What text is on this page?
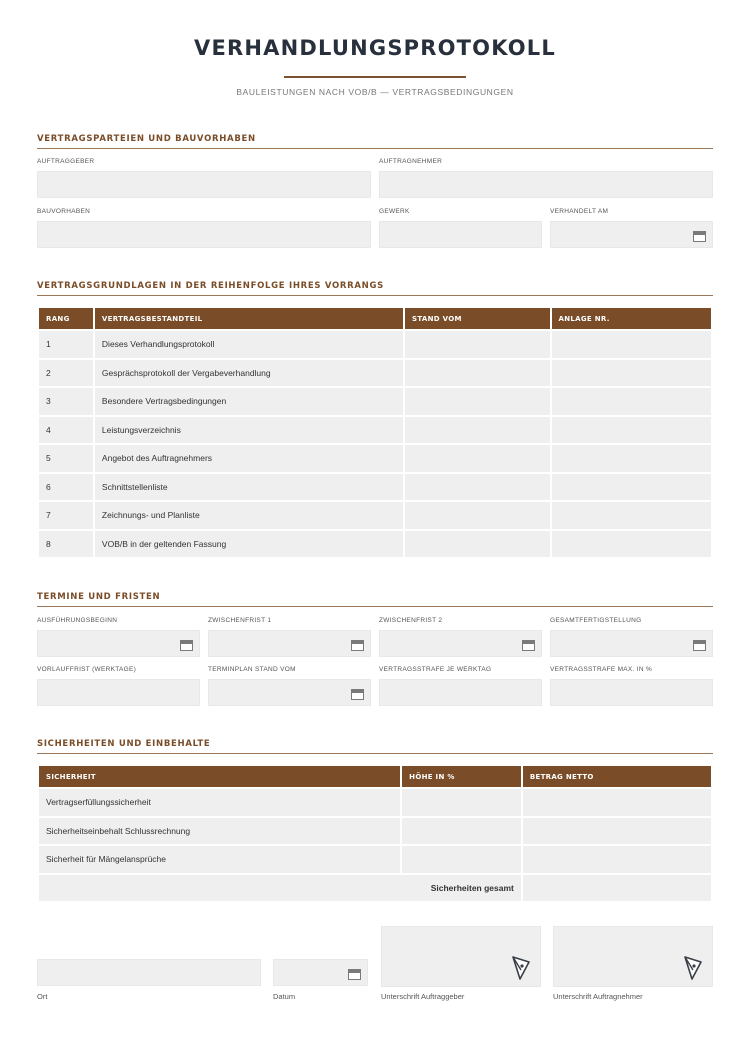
VERHANDLUNGSPROTOKOLL
BAULEISTUNGEN NACH VOB/B — VERTRAGSBEDINGUNGEN
VERTRAGSPARTEIEN UND BAUVORHABEN
AUFTRAGGEBER	AUFTRAGNEHMER
BAUVORHABEN	GEWERK	VERHANDELT AM
VERTRAGSGRUNDLAGEN IN DER REIHENFOLGE IHRES VORRANGS
RANG	VERTRAGSBESTANDTEIL	STAND VOM	ANLAGE NR.
1	Dieses Verhandlungsprotokoll		
2	Gesprächsprotokoll der Vergabeverhandlung		
3	Besondere Vertragsbedingungen		
4	Leistungsverzeichnis		
5	Angebot des Auftragnehmers		
6	Schnittstellenliste		
7	Zeichnungs- und Planliste		
8	VOB/B in der geltenden Fassung		
TERMINE UND FRISTEN
AUSFÜHRUNGSBEGINN	ZWISCHENFRIST 1	ZWISCHENFRIST 2	GESAMTFERTIGSTELLUNG
VORLAUFFRIST (WERKTAGE)	TERMINPLAN STAND VOM	VERTRAGSSTRAFE JE WERKTAG	VERTRAGSSTRAFE MAX. IN %
SICHERHEITEN UND EINBEHALTE
SICHERHEIT	HÖHE IN %	BETRAG NETTO
Vertragserfüllungssicherheit		
Sicherheitseinbehalt Schlussrechnung		
Sicherheit für Mängelansprüche		
Sicherheiten gesamt		
Ort	Datum	Unterschrift Auftraggeber	Unterschrift Auftragnehmer
